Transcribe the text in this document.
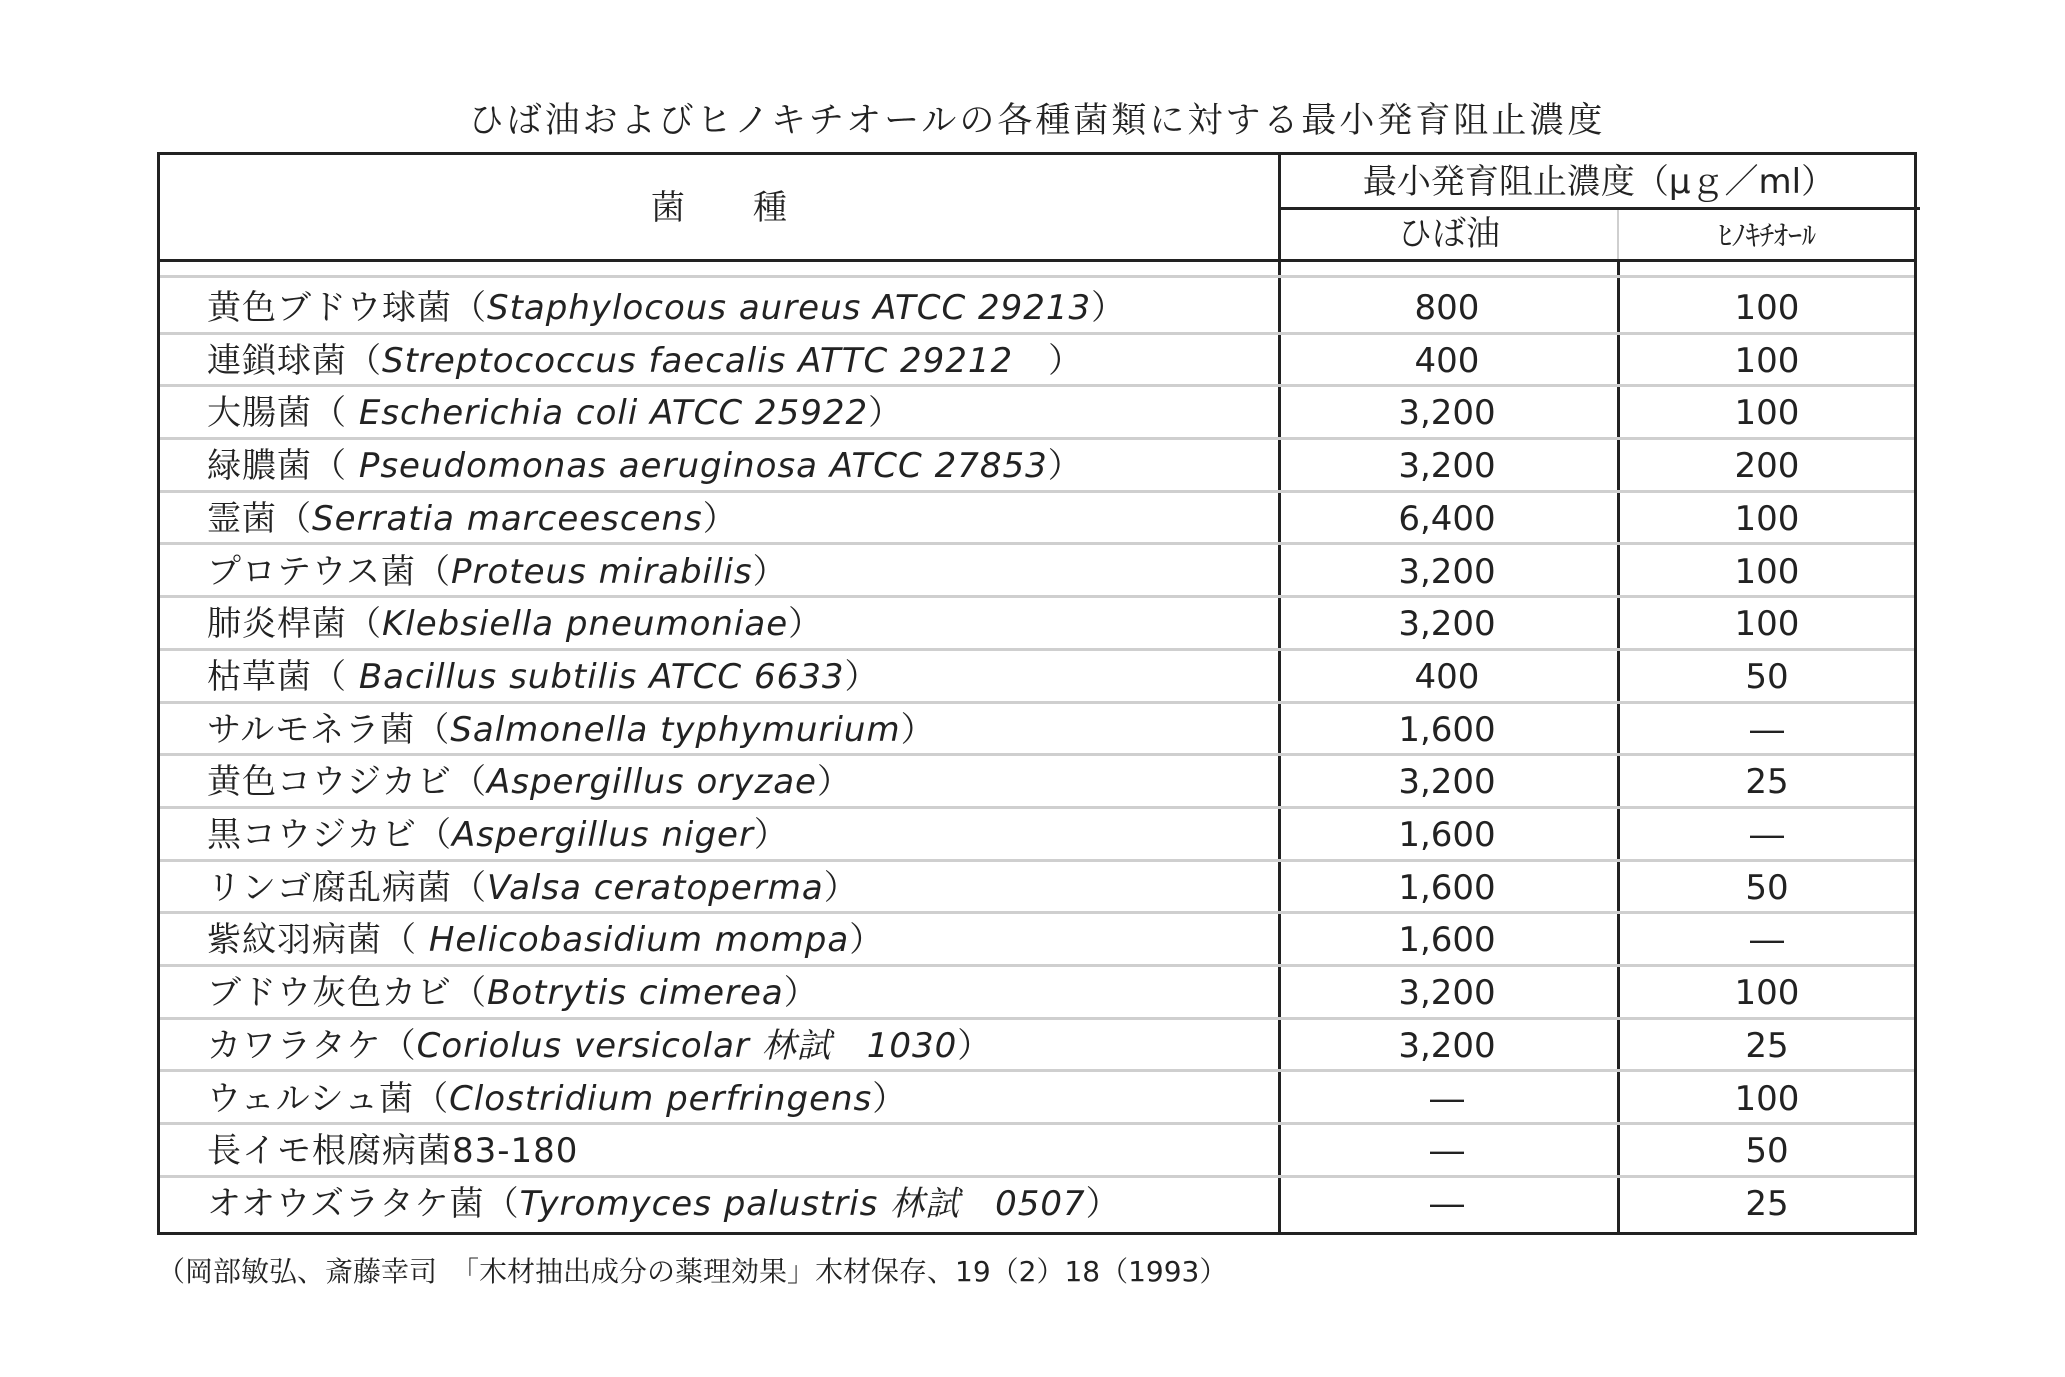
ひば油およびヒノキチオールの各種菌類に対する最小発育阻止濃度
菌　　種
最小発育阻止濃度（μｇ／ml）
ひば油	ﾋﾉｷﾁｵｰﾙ
黄色ブドウ球菌（Staphylocous aureus ATCC 29213）	800	100
連鎖球菌（Streptococcus faecalis ATTC 29212　）	400	100
大腸菌（ Escherichia coli ATCC 25922）	3,200	100
緑膿菌（ Pseudomonas aeruginosa ATCC 27853）	3,200	200
霊菌（Serratia marceescens）	6,400	100
プロテウス菌（Proteus mirabilis）	3,200	100
肺炎桿菌（Klebsiella pneumoniae）	3,200	100
枯草菌（ Bacillus subtilis ATCC 6633）	400	50
サルモネラ菌（Salmonella typhymurium）	1,600	―
黄色コウジカビ（Aspergillus oryzae）	3,200	25
黒コウジカビ（Aspergillus niger）	1,600	―
リンゴ腐乱病菌（Valsa ceratoperma）	1,600	50
紫紋羽病菌（ Helicobasidium mompa）	1,600	―
ブドウ灰色カビ（Botrytis cimerea）	3,200	100
カワラタケ（Coriolus versicolar 林試　1030）	3,200	25
ウェルシュ菌（Clostridium perfringens）	―	100
長イモ根腐病菌83-180	―	50
オオウズラタケ菌（Tyromyces palustris 林試　0507）	―	25
（岡部敏弘、斎藤幸司　「木材抽出成分の薬理効果」木材保存、19（2）18（1993）
